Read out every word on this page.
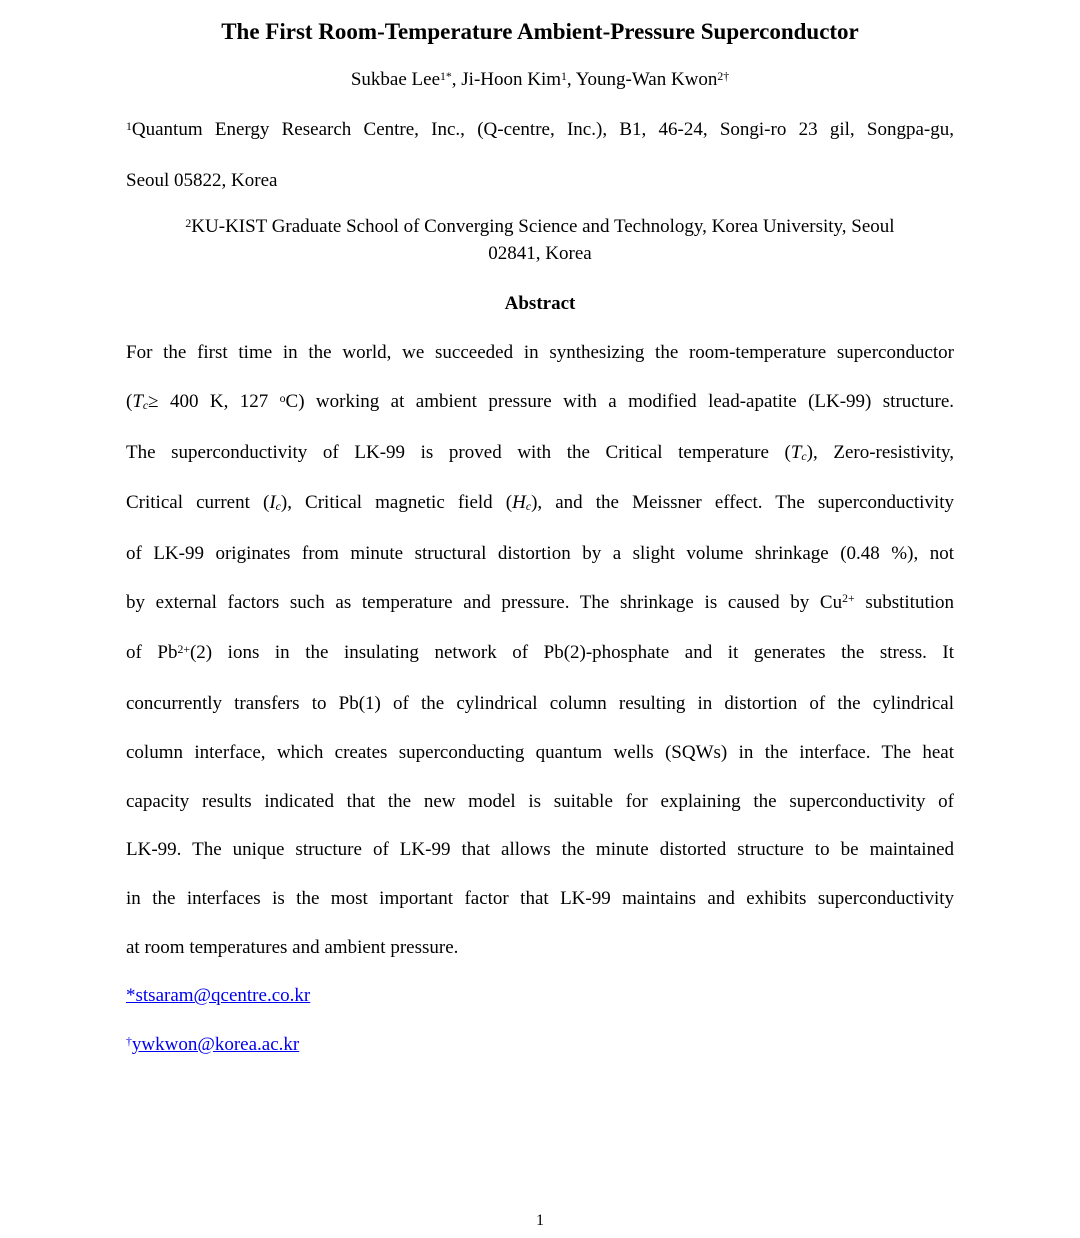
The First Room-Temperature Ambient-Pressure Superconductor
Sukbae Lee$^{1*}$, Ji-Hoon Kim$^1$, Young-Wan Kwon$^{2\dagger}$
$^1$Quantum Energy Research Centre, Inc., (Q-centre, Inc.), B1, 46-24, Songi-ro 23 gil, Songpa-gu,
Seoul 05822, Korea
$^2$KU-KIST Graduate School of Converging Science and Technology, Korea University, Seoul
02841, Korea
Abstract
For the first time in the world, we succeeded in synthesizing the room-temperature superconductor
(Tc≥ 400 K, 127 $^o$C) working at ambient pressure with a modified lead-apatite (LK-99) structure.
The superconductivity of LK-99 is proved with the Critical temperature (Tc), Zero-resistivity,
Critical current (Ic), Critical magnetic field (Hc), and the Meissner effect. The superconductivity
of LK-99 originates from minute structural distortion by a slight volume shrinkage (0.48 %), not
by external factors such as temperature and pressure. The shrinkage is caused by $Cu^{2+}$ substitution
of $Pb^{2+}(2)$ ions in the insulating network of Pb(2)-phosphate and it generates the stress. It
concurrently transfers to Pb(1) of the cylindrical column resulting in distortion of the cylindrical
column interface, which creates superconducting quantum wells (SQWs) in the interface. The heat
capacity results indicated that the new model is suitable for explaining the superconductivity of
LK-99. The unique structure of LK-99 that allows the minute distorted structure to be maintained
in the interfaces is the most important factor that LK-99 maintains and exhibits superconductivity
at room temperatures and ambient pressure.
*stsaram@qcentre.co.kr
†ywkwon@korea.ac.kr
1
